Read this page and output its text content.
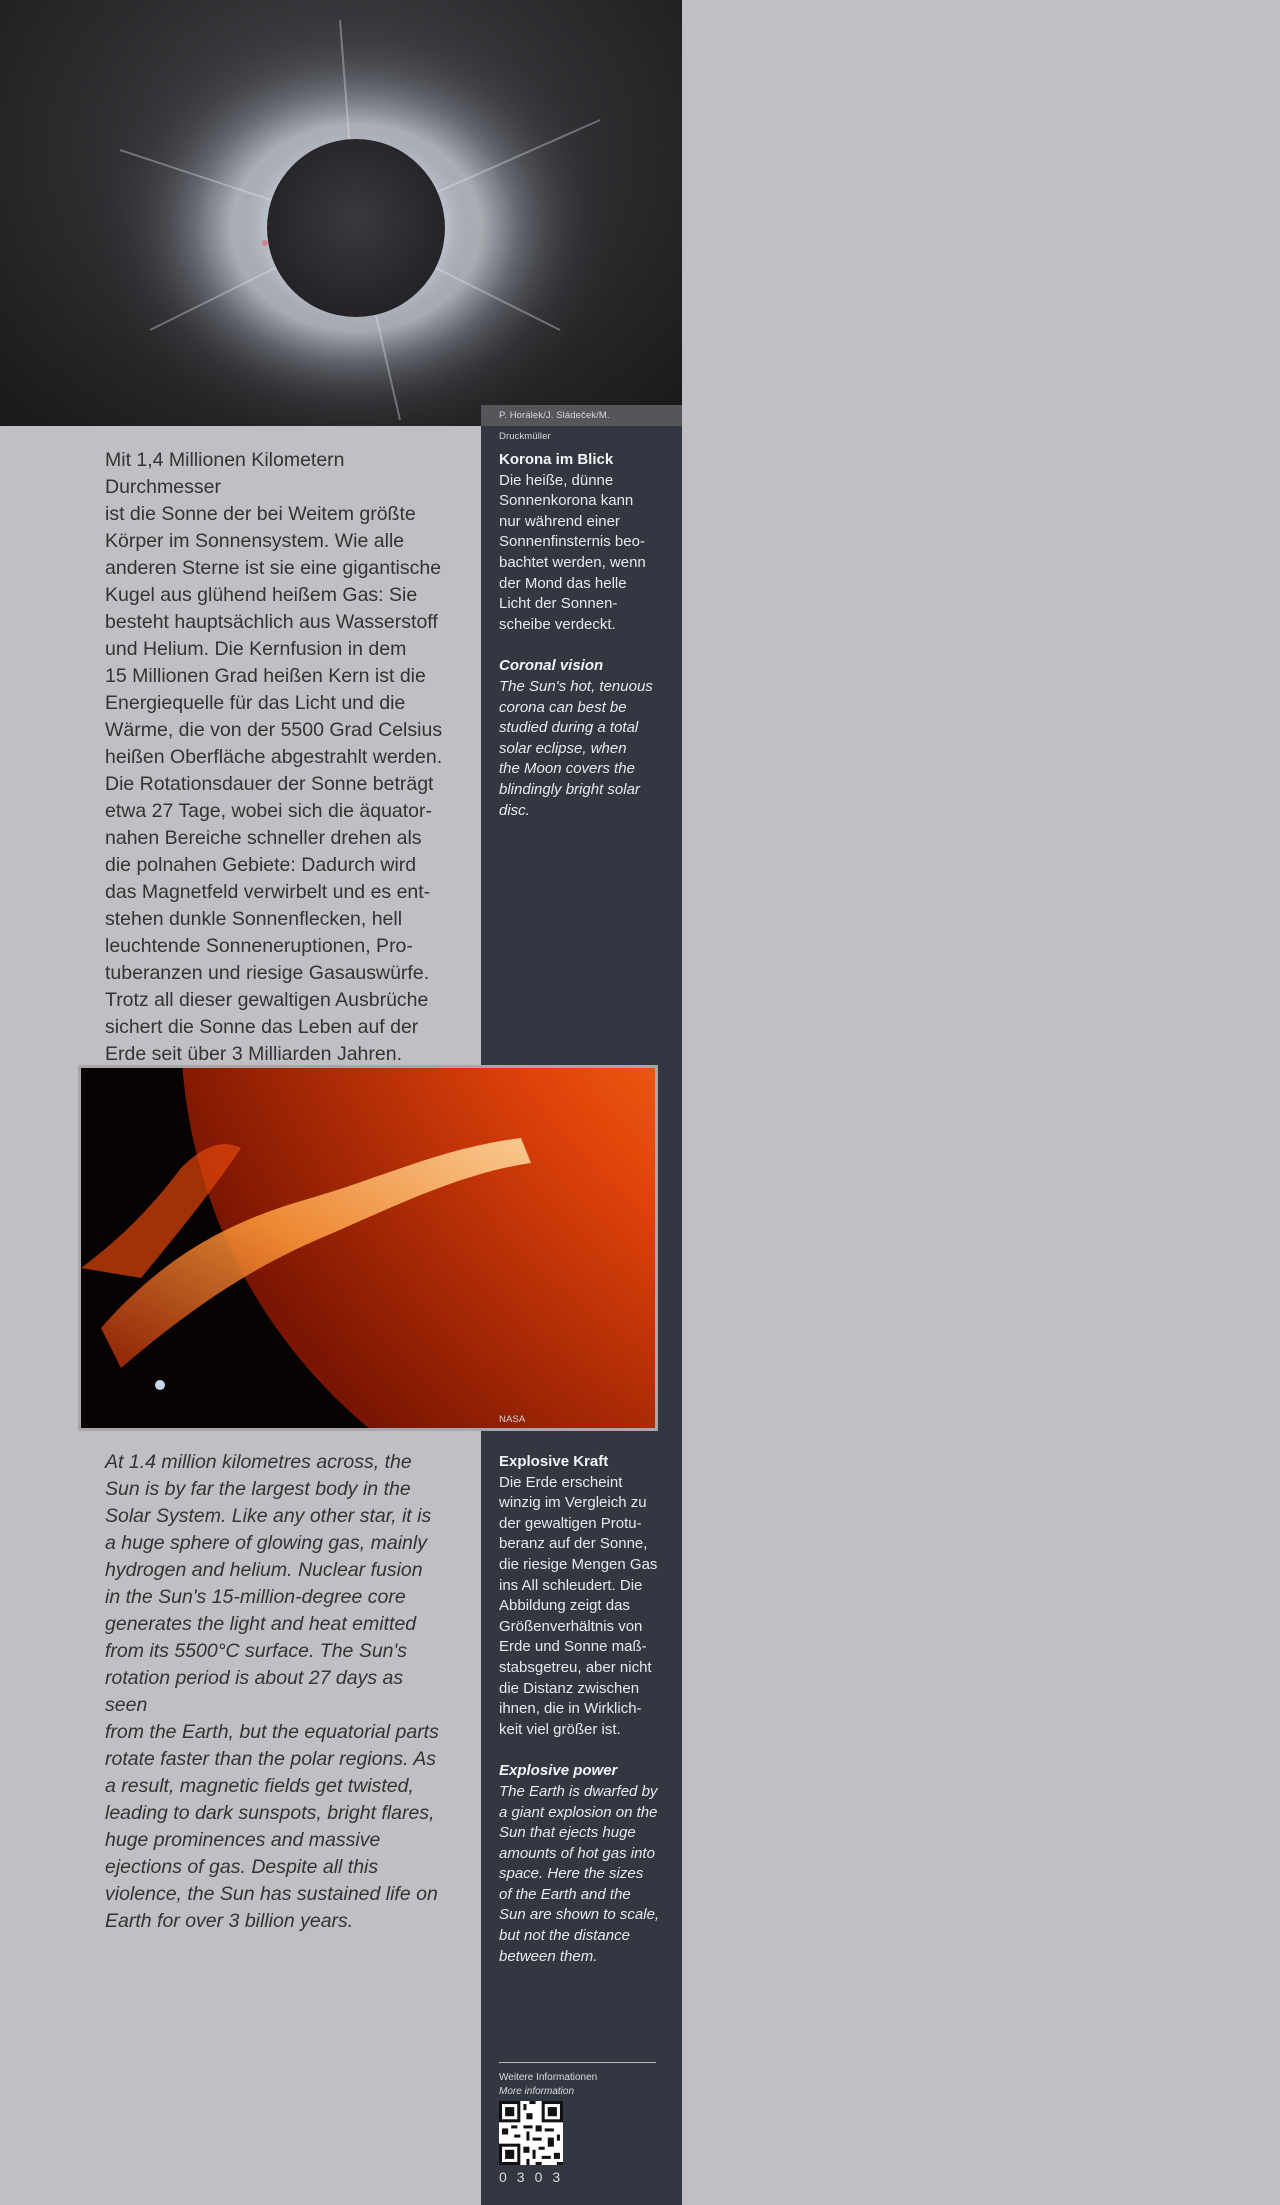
P. Horálek/J. Sládeček/M. Druckmüller

Mit 1,4 Millionen Kilometern Durchmesser
ist die Sonne der bei Weitem größte
Körper im Sonnensystem. Wie alle
anderen Sterne ist sie eine gigantische
Kugel aus glühend heißem Gas: Sie
besteht hauptsächlich aus Wasserstoff
und Helium. Die Kernfusion in dem
15 Millionen Grad heißen Kern ist die
Energiequelle für das Licht und die
Wärme, die von der 5500 Grad Celsius
heißen Oberfläche abgestrahlt werden.
Die Rotationsdauer der Sonne beträgt
etwa 27 Tage, wobei sich die äquator-
nahen Bereiche schneller drehen als
die polnahen Gebiete: Dadurch wird
das Magnetfeld verwirbelt und es ent-
stehen dunkle Sonnenflecken, hell
leuchtende Sonneneruptionen, Pro-
tuberanzen und riesige Gasauswürfe.
Trotz all dieser gewaltigen Ausbrüche
sichert die Sonne das Leben auf der
Erde seit über 3 Milliarden Jahren.

Korona im Blick

Die heiße, dünne
Sonnenkorona kann
nur während einer
Sonnenfinsternis beo-
bachtet werden, wenn
der Mond das helle
Licht der Sonnen-
scheibe verdeckt.

Coronal vision

The Sun's hot, tenuous
corona can best be
studied during a total
solar eclipse, when
the Moon covers the
blindingly bright solar
disc.

NASA

At 1.4 million kilometres across, the
Sun is by far the largest body in the
Solar System. Like any other star, it is
a huge sphere of glowing gas, mainly
hydrogen and helium. Nuclear fusion
in the Sun's 15-million-degree core
generates the light and heat emitted
from its 5500°C surface. The Sun's
rotation period is about 27 days as seen
from the Earth, but the equatorial parts
rotate faster than the polar regions. As
a result, magnetic fields get twisted,
leading to dark sunspots, bright flares,
huge prominences and massive
ejections of gas. Despite all this
violence, the Sun has sustained life on
Earth for over 3 billion years.

Explosive Kraft

Die Erde erscheint
winzig im Vergleich zu
der gewaltigen Protu-
beranz auf der Sonne,
die riesige Mengen Gas
ins All schleudert. Die
Abbildung zeigt das
Größenverhältnis von
Erde und Sonne maß-
stabsgetreu, aber nicht
die Distanz zwischen
ihnen, die in Wirklich-
keit viel größer ist.

Explosive power

The Earth is dwarfed by
a giant explosion on the
Sun that ejects huge
amounts of hot gas into
space. Here the sizes
of the Earth and the
Sun are shown to scale,
but not the distance
between them.

Weitere Informationen
More information
0303
